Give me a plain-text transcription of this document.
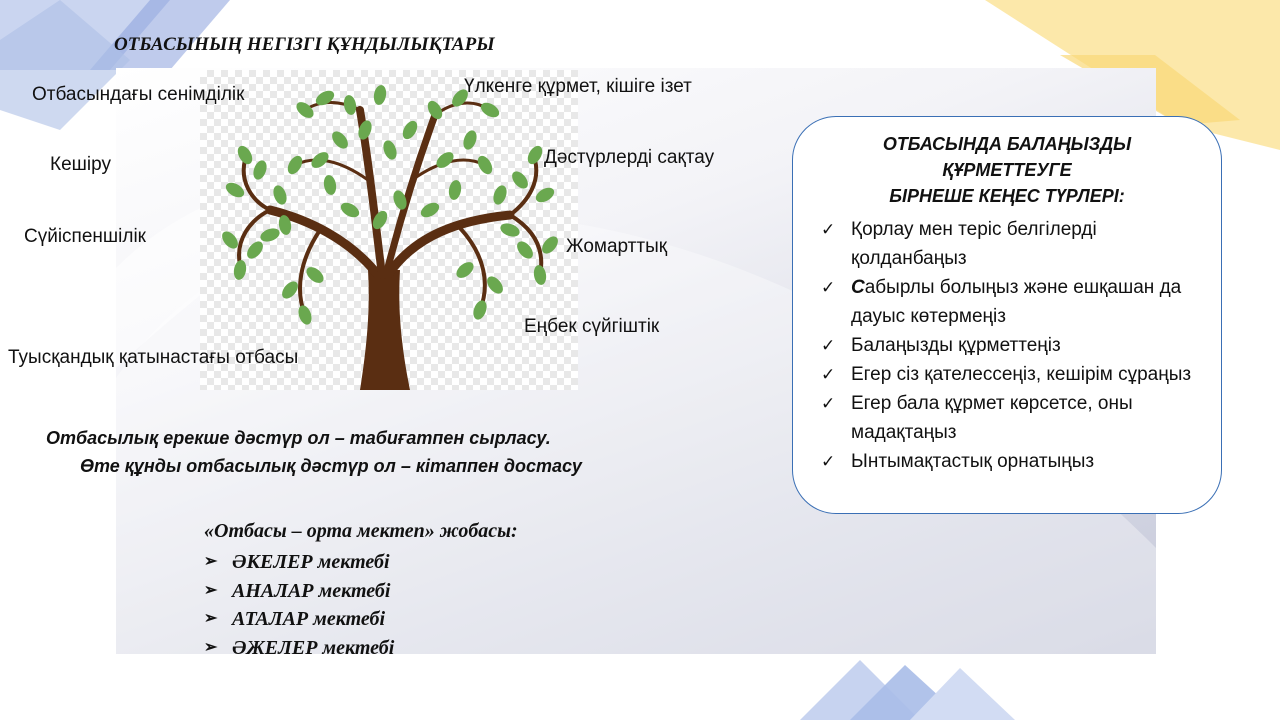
ОТБАСЫНЫҢ НЕГІЗГІ ҚҰНДЫЛЫҚТАРЫ
Отбасындағы сенімділік	Үлкенге құрмет, кішіге ізет
Кешіру	Дәстүрлерді сақтау
Сүйіспеншілік	Жомарттық
Еңбек сүйгіштік
Туысқандық қатынастағы отбасы
Отбасылық ерекше дәстүр ол – табиғатпен сырласу.
Өте құнды отбасылық дәстүр ол – кітаппен достасу
«Отбасы – орта мектеп» жобасы:
➢ ӘКЕЛЕР мектебі
➢ АНАЛАР мектебі
➢ АТАЛАР мектебі
➢ ӘЖЕЛЕР мектебі
ОТБАСЫНДА БАЛАҢЫЗДЫ
ҚҰРМЕТТЕУГЕ
БІРНЕШЕ КЕҢЕС ТҮРЛЕРІ:
✓ Қорлау мен теріс белгілерді қолданбаңыз
✓ Сабырлы болыңыз және ешқашан да дауыс көтермеңіз
✓ Балаңызды құрметтеңіз
✓ Егер сіз қателессеңіз, кешірім сұраңыз
✓ Егер бала құрмет көрсетсе, оны мадақтаңыз
✓ Ынтымақтастық орнатыңыз
